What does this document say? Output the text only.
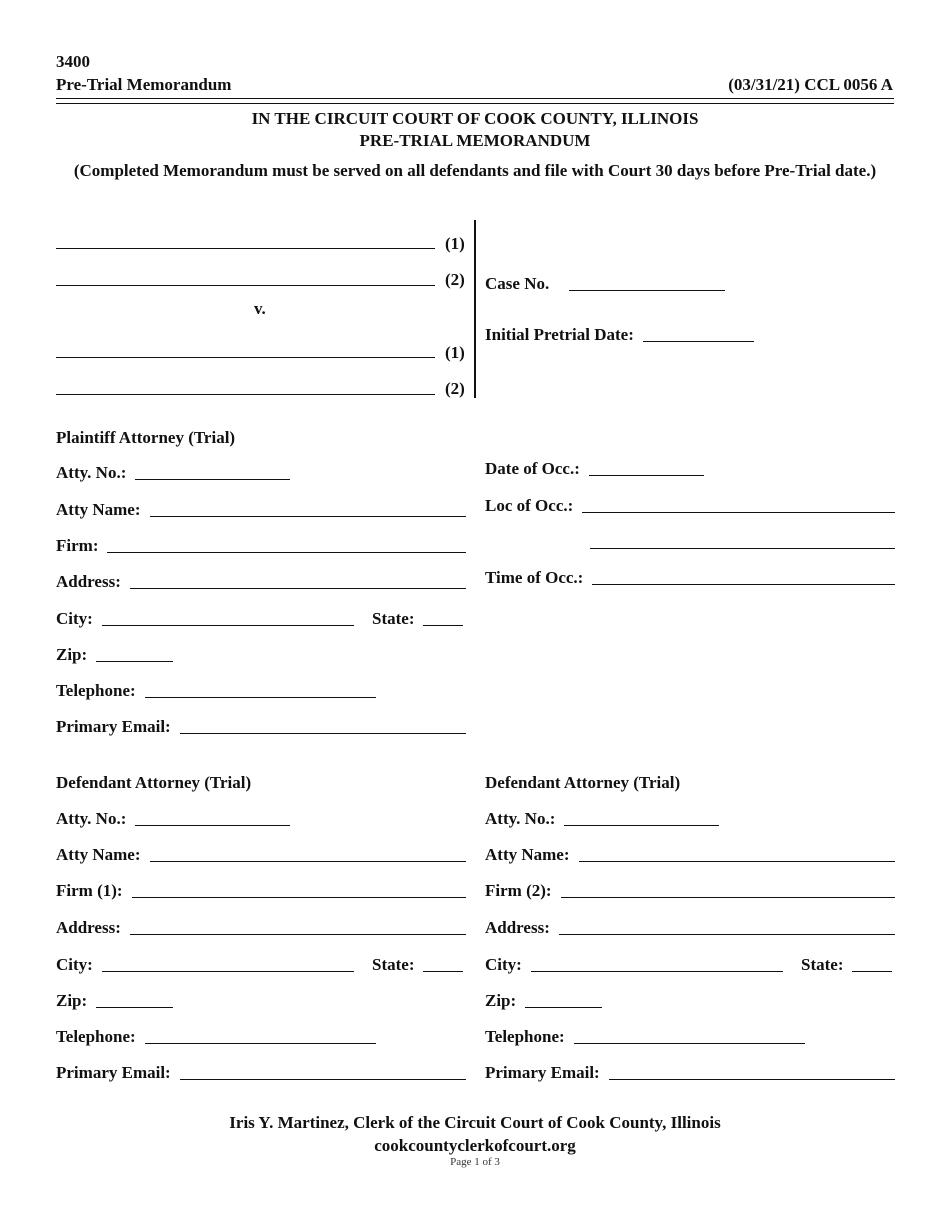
3400
Pre-Trial Memorandum	(03/31/21) CCL 0056 A
IN THE CIRCUIT COURT OF COOK COUNTY, ILLINOIS
PRE-TRIAL MEMORANDUM
(Completed Memorandum must be served on all defendants and file with Court 30 days before Pre-Trial date.)
(1)
(2)
v.
(1)
(2)
Case No.
Initial Pretrial Date:
Plaintiff Attorney (Trial)
Atty. No.:
Atty Name:
Firm:
Address:
City:	State:
Zip:
Telephone:
Primary Email:
Date of Occ.:
Loc of Occ.:
Time of Occ.:
Defendant Attorney (Trial)
Atty. No.:
Atty Name:
Firm (1):
Address:
City:	State:
Zip:
Telephone:
Primary Email:
Defendant Attorney (Trial)
Atty. No.:
Atty Name:
Firm (2):
Address:
City:	State:
Zip:
Telephone:
Primary Email:
Iris Y. Martinez, Clerk of the Circuit Court of Cook County, Illinois
cookcountyclerkofcourt.org
Page 1 of 3
